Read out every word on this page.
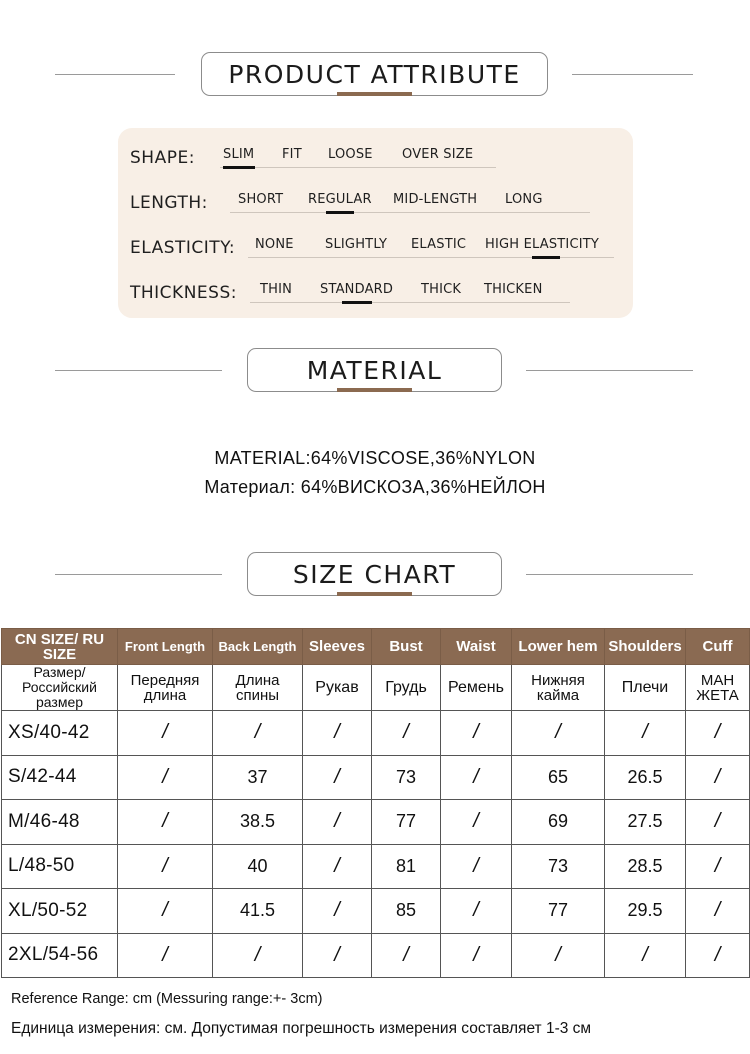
PRODUCT ATTRIBUTE
SHAPE: SLIM FIT LOOSE OVER SIZE
LENGTH: SHORT REGULAR MID-LENGTH LONG
ELASTICITY: NONE SLIGHTLY ELASTIC HIGH ELASTICITY
THICKNESS: THIN STANDARD THICK THICKEN
MATERIAL
MATERIAL:64%VISCOSE,36%NYLON
Материал: 64%ВИСКОЗА,36%НЕЙЛОН
SIZE CHART
CN SIZE/ RU SIZE	Front Length	Back Length	Sleeves	Bust	Waist	Lower hem	Shoulders	Cuff
Размер/ Российский размер	Передняя длина	Длина спины	Рукав	Грудь	Ремень	Нижняя кайма	Плечи	МАН ЖЕТА
XS/40-42	/	/	/	/	/	/	/	/
S/42-44	/	37	/	73	/	65	26.5	/
M/46-48	/	38.5	/	77	/	69	27.5	/
L/48-50	/	40	/	81	/	73	28.5	/
XL/50-52	/	41.5	/	85	/	77	29.5	/
2XL/54-56	/	/	/	/	/	/	/	/
Reference Range: cm (Messuring range:+- 3cm)
Единица измерения: см. Допустимая погрешность измерения составляет 1-3 см
